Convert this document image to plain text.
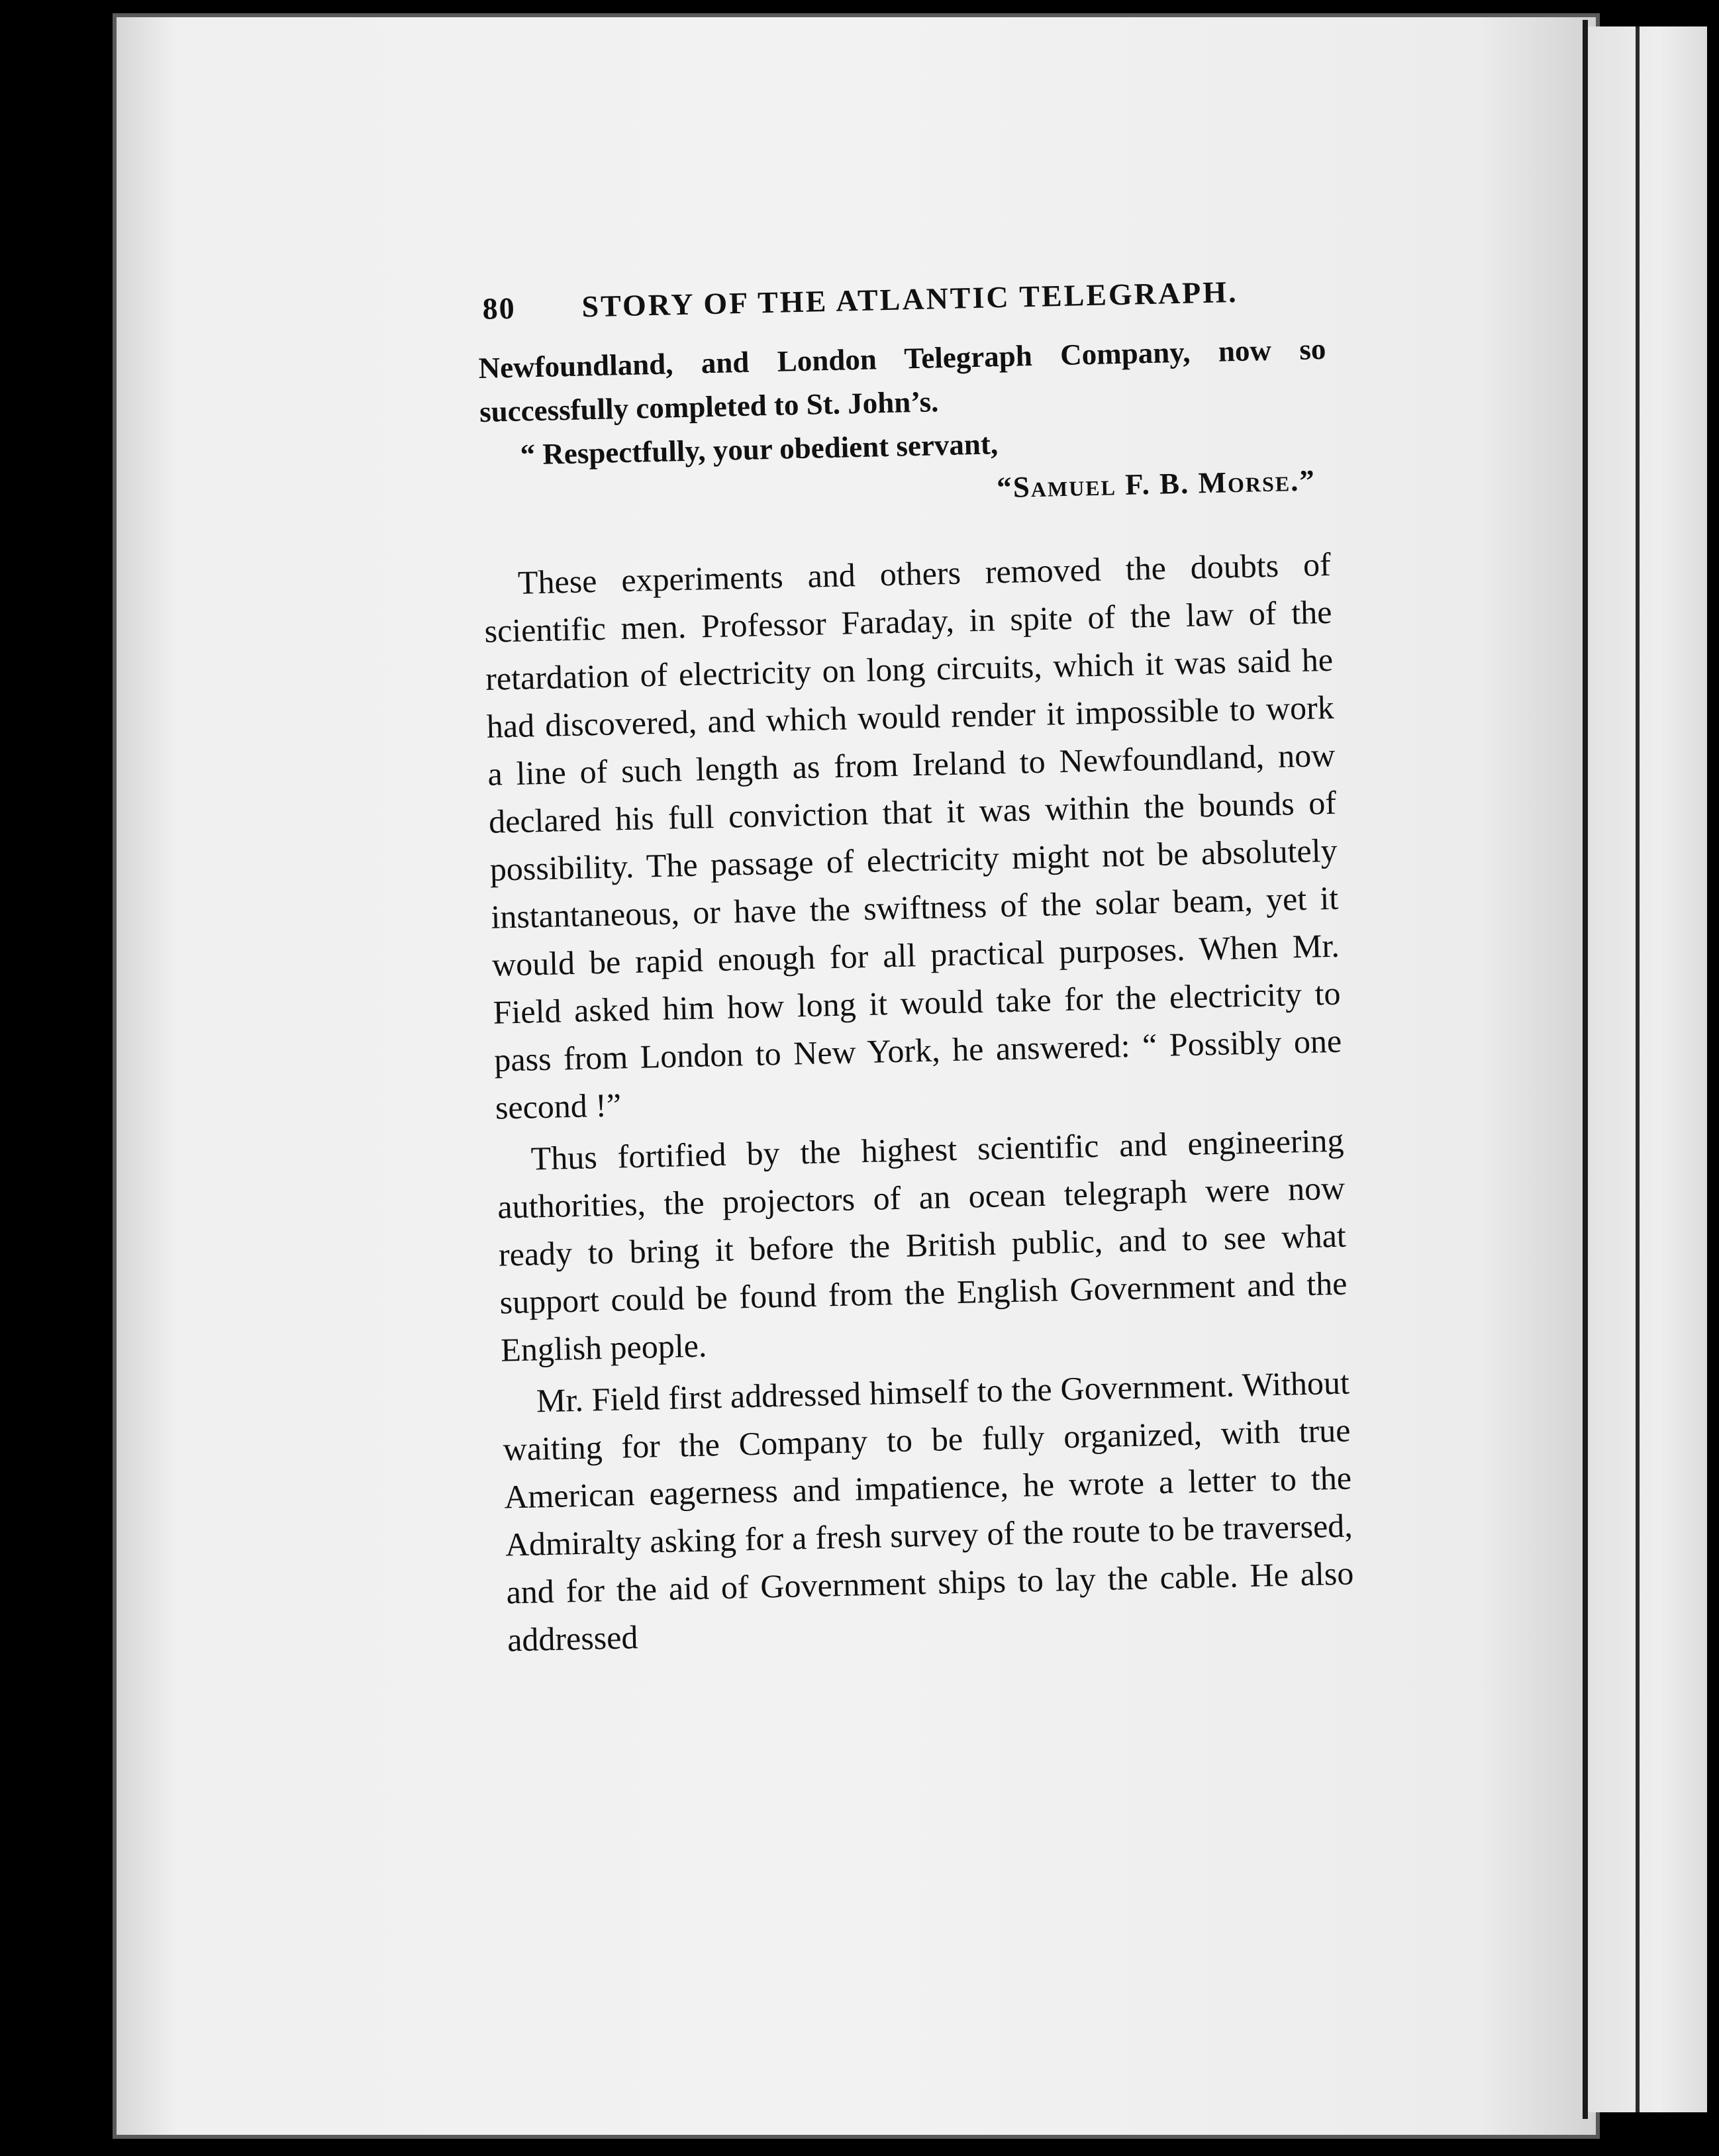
80	STORY OF THE ATLANTIC TELEGRAPH.

Newfoundland, and London Telegraph Company, now so successfully completed to St. John’s.

“ Respectfully, your obedient servant,

“Samuel F. B. Morse.”

These experiments and others removed the doubts of scientific men. Professor Faraday, in spite of the law of the retardation of electricity on long circuits, which it was said he had discovered, and which would render it impossible to work a line of such length as from Ireland to Newfoundland, now declared his full conviction that it was within the bounds of possibility. The passage of electricity might not be absolutely instantaneous, or have the swiftness of the solar beam, yet it would be rapid enough for all practical purposes. When Mr. Field asked him how long it would take for the electricity to pass from London to New York, he answered: “ Possibly one second !”

Thus fortified by the highest scientific and engineering authorities, the projectors of an ocean telegraph were now ready to bring it before the British public, and to see what support could be found from the English Government and the English people.

Mr. Field first addressed himself to the Government. Without waiting for the Company to be fully organized, with true American eagerness and impatience, he wrote a letter to the Admiralty asking for a fresh survey of the route to be traversed, and for the aid of Government ships to lay the cable. He also addressed
